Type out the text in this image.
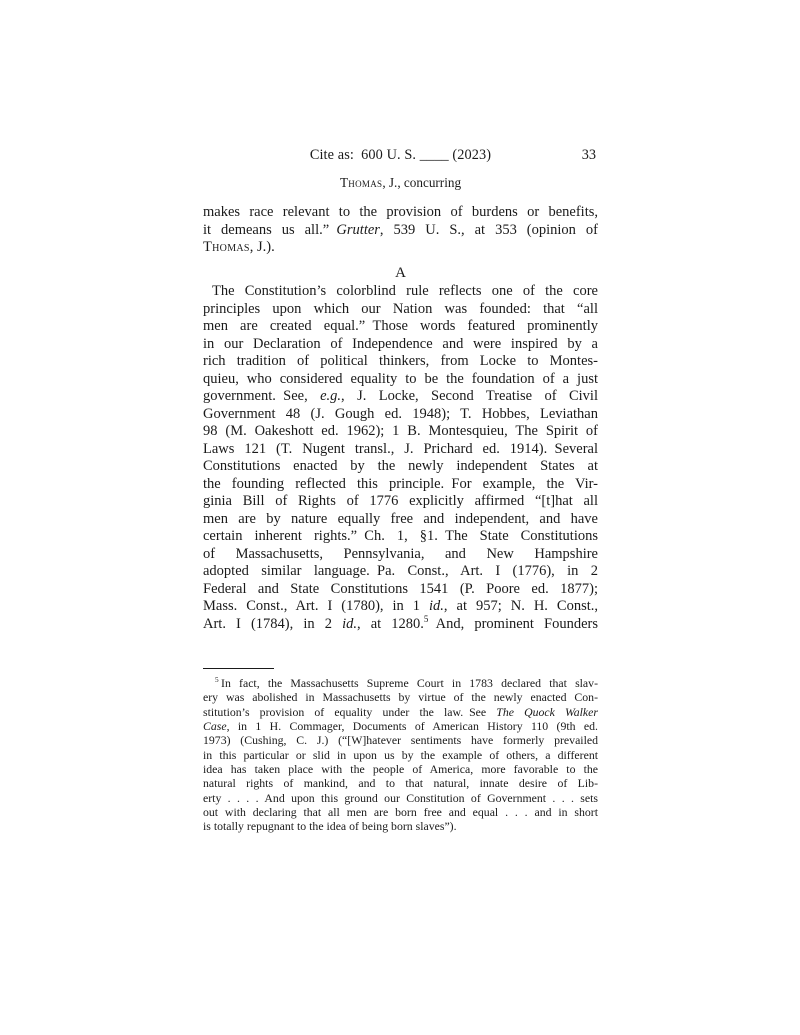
Cite as: 600 U. S. ____ (2023)	33
Thomas, J., concurring
makes race relevant to the provision of burdens or benefits,
it demeans us all.” Grutter, 539 U. S., at 353 (opinion of
Thomas, J.).
A
The Constitution’s colorblind rule reflects one of the core
principles upon which our Nation was founded: that “all
men are created equal.” Those words featured prominently
in our Declaration of Independence and were inspired by a
rich tradition of political thinkers, from Locke to Montes-
quieu, who considered equality to be the foundation of a just
government. See, e.g., J. Locke, Second Treatise of Civil
Government 48 (J. Gough ed. 1948); T. Hobbes, Leviathan
98 (M. Oakeshott ed. 1962); 1 B. Montesquieu, The Spirit of
Laws 121 (T. Nugent transl., J. Prichard ed. 1914). Several
Constitutions enacted by the newly independent States at
the founding reflected this principle. For example, the Vir-
ginia Bill of Rights of 1776 explicitly affirmed “[t]hat all
men are by nature equally free and independent, and have
certain inherent rights.” Ch. 1, §1. The State Constitutions
of Massachusetts, Pennsylvania, and New Hampshire
adopted similar language. Pa. Const., Art. I (1776), in 2
Federal and State Constitutions 1541 (P. Poore ed. 1877);
Mass. Const., Art. I (1780), in 1 id., at 957; N. H. Const.,
Art. I (1784), in 2 id., at 1280.$^5$ And, prominent Founders
$^5$ In fact, the Massachusetts Supreme Court in 1783 declared that slav-
ery was abolished in Massachusetts by virtue of the newly enacted Con-
stitution’s provision of equality under the law. See The Quock Walker
Case, in 1 H. Commager, Documents of American History 110 (9th ed.
1973) (Cushing, C. J.) (“[W]hatever sentiments have formerly prevailed
in this particular or slid in upon us by the example of others, a different
idea has taken place with the people of America, more favorable to the
natural rights of mankind, and to that natural, innate desire of Lib-
erty . . . . And upon this ground our Constitution of Government . . . sets
out with declaring that all men are born free and equal . . . and in short
is totally repugnant to the idea of being born slaves”).
